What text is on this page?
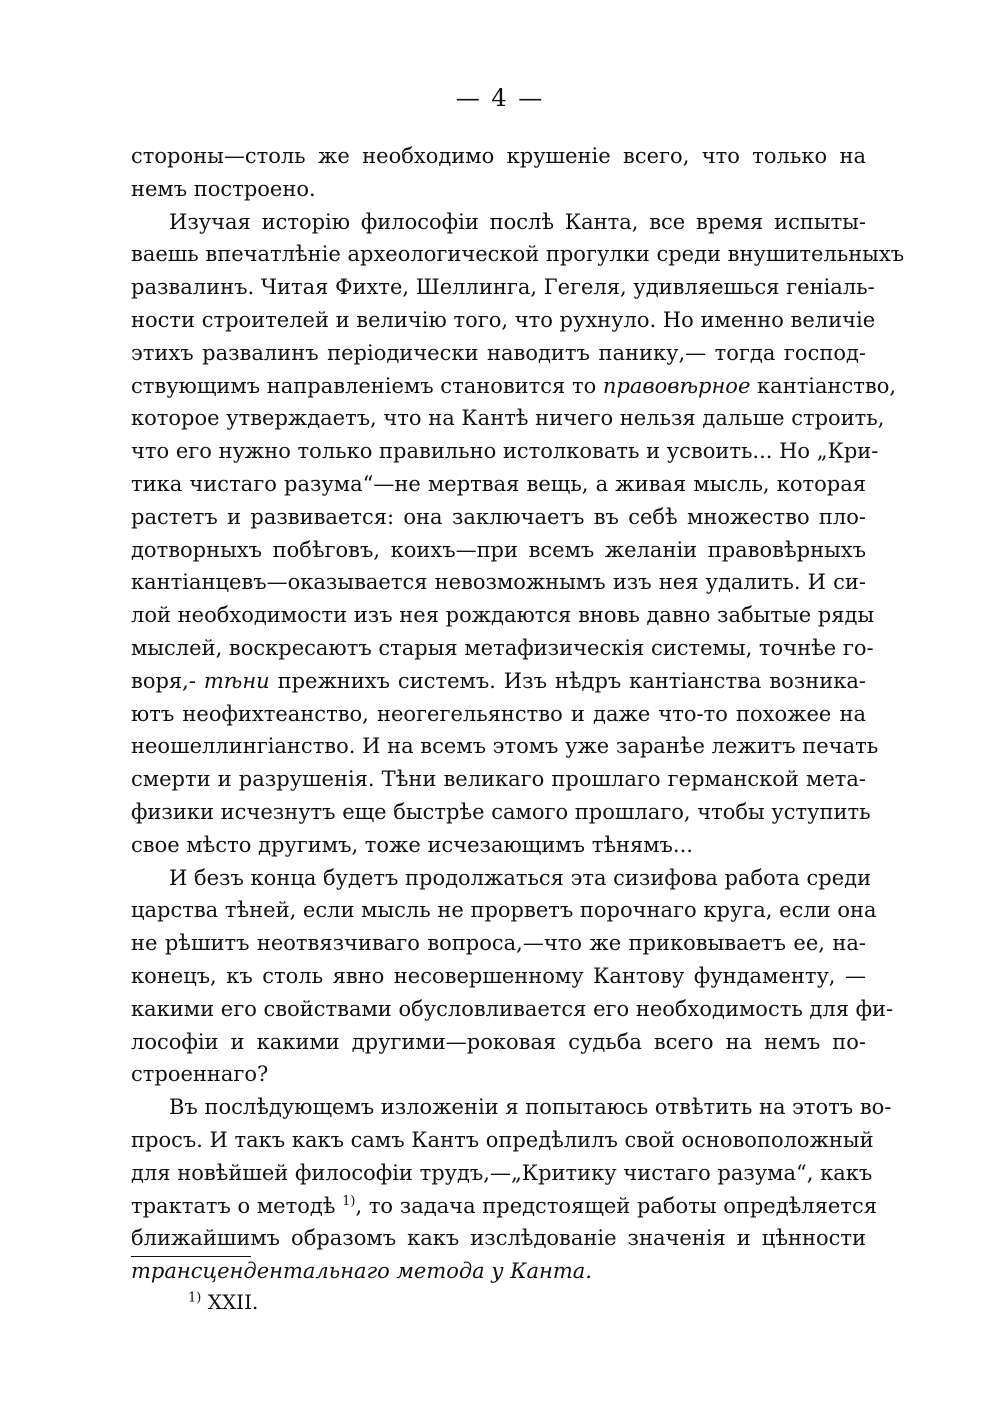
— 4 —
стороны—столь же необходимо крушеніе всего, что только на
немъ построено.
Изучая исторію философіи послѣ Канта, все время испыты-
ваешь впечатлѣніе археологической прогулки среди внушительныхъ
развалинъ. Читая Фихте, Шеллинга, Гегеля, удивляешься геніаль-
ности строителей и величію того, что рухнуло. Но именно величіе
этихъ развалинъ періодически наводитъ панику,— тогда господ-
ствующимъ направленіемъ становится то правовѣрное кантіанство,
которое утверждаетъ, что на Кантѣ ничего нельзя дальше строить,
что его нужно только правильно истолковать и усвоить... Но „Кри-
тика чистаго разума“—не мертвая вещь, а живая мысль, которая
растетъ и развивается: она заключаетъ въ себѣ множество пло-
дотворныхъ побѣговъ, коихъ—при всемъ желаніи правовѣрныхъ
кантіанцевъ—оказывается невозможнымъ изъ нея удалить. И си-
лой необходимости изъ нея рождаются вновь давно забытые ряды
мыслей, воскресаютъ старыя метафизическія системы, точнѣе го-
воря,- тѣни прежнихъ системъ. Изъ нѣдръ кантіанства возника-
ютъ неофихтеанство, неогегельянство и даже что-то похожее на
неошеллингіанство. И на всемъ этомъ уже заранѣе лежитъ печать
смерти и разрушенія. Тѣни великаго прошлаго германской мета-
физики исчезнутъ еще быстрѣе самого прошлаго, чтобы уступить
свое мѣсто другимъ, тоже исчезающимъ тѣнямъ...
И безъ конца будетъ продолжаться эта сизифова работа среди
царства тѣней, если мысль не прорветъ порочнаго круга, если она
не рѣшитъ неотвязчиваго вопроса,—что же приковываетъ ее, на-
конецъ, къ столь явно несовершенному Кантову фундаменту, —
какими его свойствами обусловливается его необходимость для фи-
лософіи и какими другими—роковая судьба всего на немъ по-
строеннаго?
Въ послѣдующемъ изложеніи я попытаюсь отвѣтить на этотъ во-
просъ. И такъ какъ самъ Кантъ опредѣлилъ свой основоположный
для новѣйшей философіи трудъ,—„Критику чистаго разума“, какъ
трактатъ о методѣ $^{1)}$, то задача предстоящей работы опредѣляется
ближайшимъ образомъ какъ изслѣдованіе значенія и цѣнности
трансцендентальнаго метода у Канта.
$^{1)}$ XXII.
